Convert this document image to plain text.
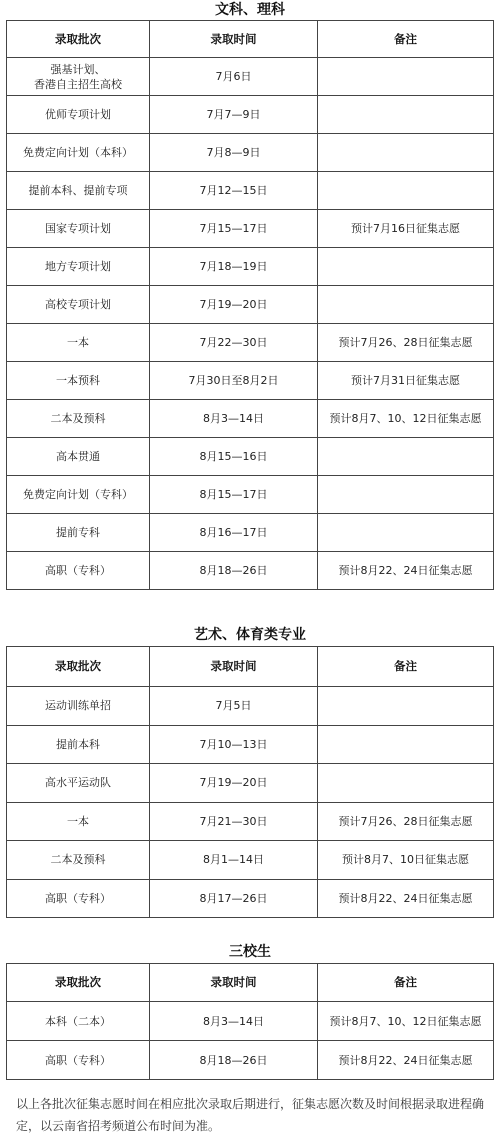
文科、理科
录取批次	录取时间	备注
强基计划、
香港自主招生高校	7月6日	
优师专项计划	7月7—9日	
免费定向计划（本科）	7月8—9日	
提前本科、提前专项	7月12—15日	
国家专项计划	7月15—17日	预计7月16日征集志愿
地方专项计划	7月18—19日	
高校专项计划	7月19—20日	
一本	7月22—30日	预计7月26、28日征集志愿
一本预科	7月30日至8月2日	预计7月31日征集志愿
二本及预科	8月3—14日	预计8月7、10、12日征集志愿
高本贯通	8月15—16日	
免费定向计划（专科）	8月15—17日	
提前专科	8月16—17日	
高职（专科）	8月18—26日	预计8月22、24日征集志愿
艺术、体育类专业
录取批次	录取时间	备注
运动训练单招	7月5日	
提前本科	7月10—13日	
高水平运动队	7月19—20日	
一本	7月21—30日	预计7月26、28日征集志愿
二本及预科	8月1—14日	预计8月7、10日征集志愿
高职（专科）	8月17—26日	预计8月22、24日征集志愿
三校生
录取批次	录取时间	备注
本科（二本）	8月3—14日	预计8月7、10、12日征集志愿
高职（专科）	8月18—26日	预计8月22、24日征集志愿

以上各批次征集志愿时间在相应批次录取后期进行，征集志愿次数及时间根据录取进程确定，以云南省招考频道公布时间为准。
